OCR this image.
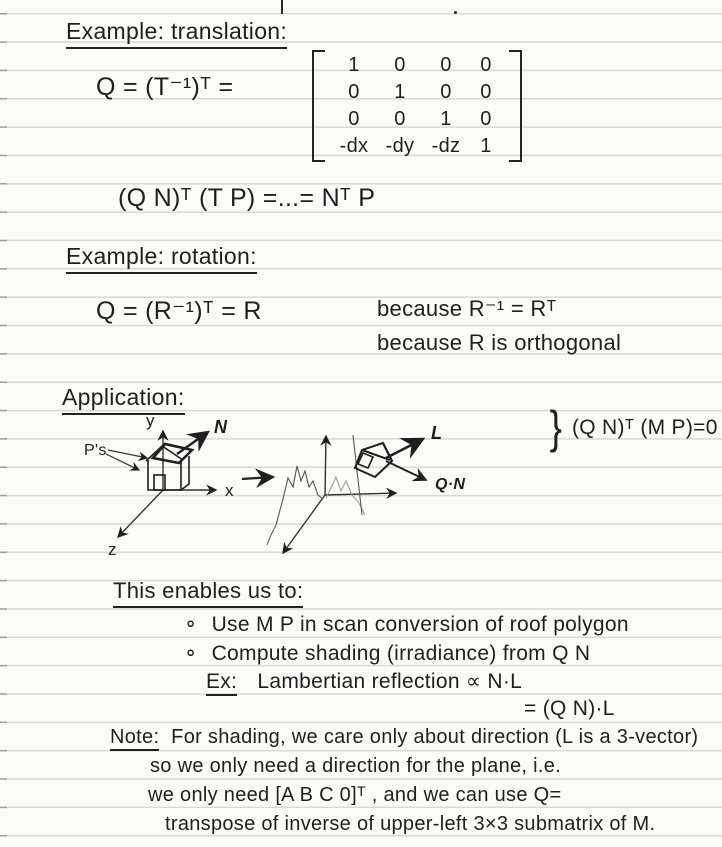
Example: translation:
Q = (T⁻¹)ᵀ =
1 0 0 0
0 1 0 0
0 0 1 0
-dx -dy -dz 1
(Q N)ᵀ (T P) =...= Nᵀ P
Example: rotation:
Q = (R⁻¹)ᵀ = R	because R⁻¹ = Rᵀ
because R is orthogonal
Application:
y
x
z
N
P's
L
Q·N
} (Q N)ᵀ (M P)=0
This enables us to:
∘ Use M P in scan conversion of roof polygon
∘ Compute shading (irradiance) from Q N
Ex: Lambertian reflection ∝ N·L
= (Q N)·L
Note: For shading, we care only about direction (L is a 3-vector)
so we only need a direction for the plane, i.e.
we only need [A B C 0]ᵀ , and we can use Q=
transpose of inverse of upper-left 3×3 submatrix of M.
